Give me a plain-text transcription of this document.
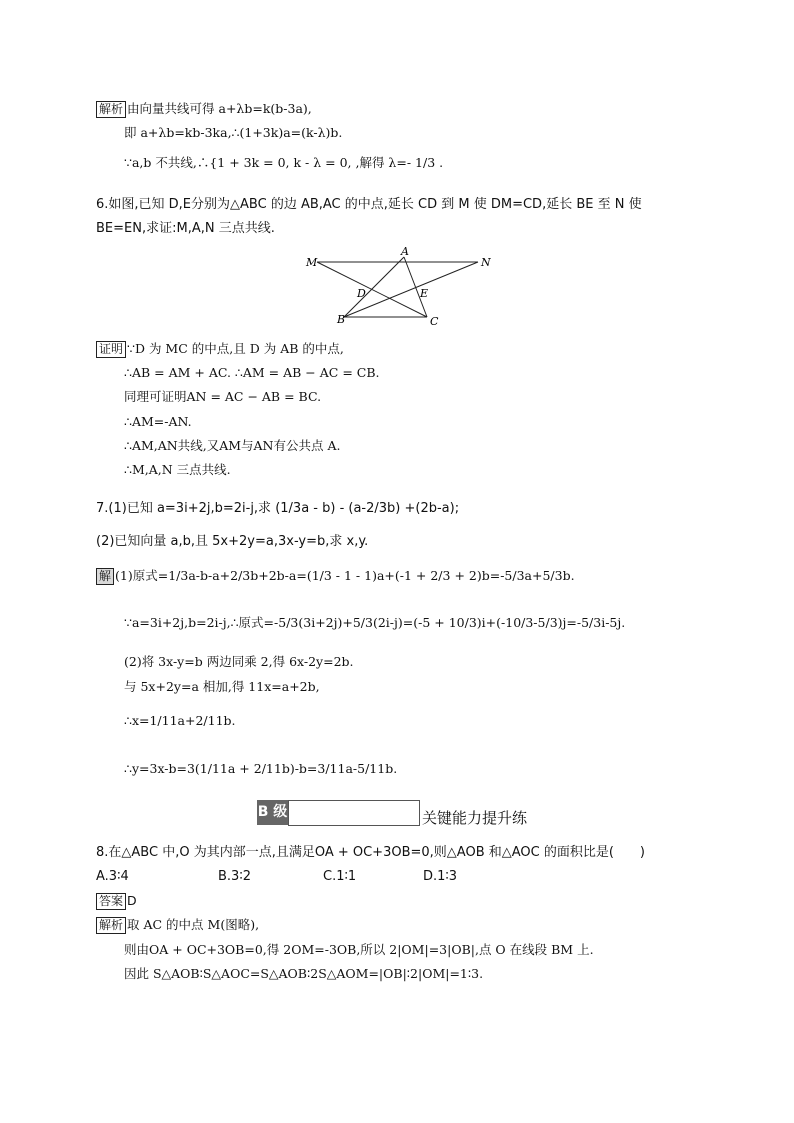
解析 由向量共线可得 a+λb=k(b-3a),
即 a+λb=kb-3ka,∴(1+3k)a=(k-λ)b.
∵a,b 不共线,∴{1 + 3k = 0, k - λ = 0, ,解得 λ=- 1/3 .
6.如图,已知 D,E分别为△ABC 的边 AB,AC 的中点,延长 CD 到 M 使 DM=CD,延长 BE 至 N 使
BE=EN,求证:M,A,N 三点共线.
M
A
N
D	E
B	C
证明 ∵D 为 MC 的中点,且 D 为 AB 的中点,
∴AB = AM + AC. ∴AM = AB − AC = CB.
同理可证明AN = AC − AB = BC.
∴AM=-AN.
∴AM,AN共线,又AM与AN有公共点 A.
∴M,A,N 三点共线.
7.(1)已知 a=3i+2j,b=2i-j,求 (1/3a - b) - (a-2/3b) +(2b-a);
(2)已知向量 a,b,且 5x+2y=a,3x-y=b,求 x,y.
解 (1)原式=1/3a-b-a+2/3b+2b-a=(1/3 - 1 - 1)a+(-1 + 2/3 + 2)b=-5/3a+5/3b.
∵a=3i+2j,b=2i-j,∴原式=-5/3(3i+2j)+5/3(2i-j)=(-5 + 10/3)i+(-10/3-5/3)j=-5/3i-5j.
(2)将 3x-y=b 两边同乘 2,得 6x-2y=2b.
与 5x+2y=a 相加,得 11x=a+2b,
∴x=1/11a+2/11b.
∴y=3x-b=3(1/11a + 2/11b)-b=3/11a-5/11b.
B 级	关键能力提升练
8.在△ABC 中,O 为其内部一点,且满足OA + OC+3OB=0,则△AOB 和△AOC 的面积比是(　　)
A.3∶4	B.3∶2	C.1∶1	D.1∶3
答案 D
解析 取 AC 的中点 M(图略),
则由OA + OC+3OB=0,得 2OM=-3OB,所以 2|OM|=3|OB|,点 O 在线段 BM 上.
因此 S△AOB∶S△AOC=S△AOB∶2S△AOM=|OB|∶2|OM|=1∶3.
